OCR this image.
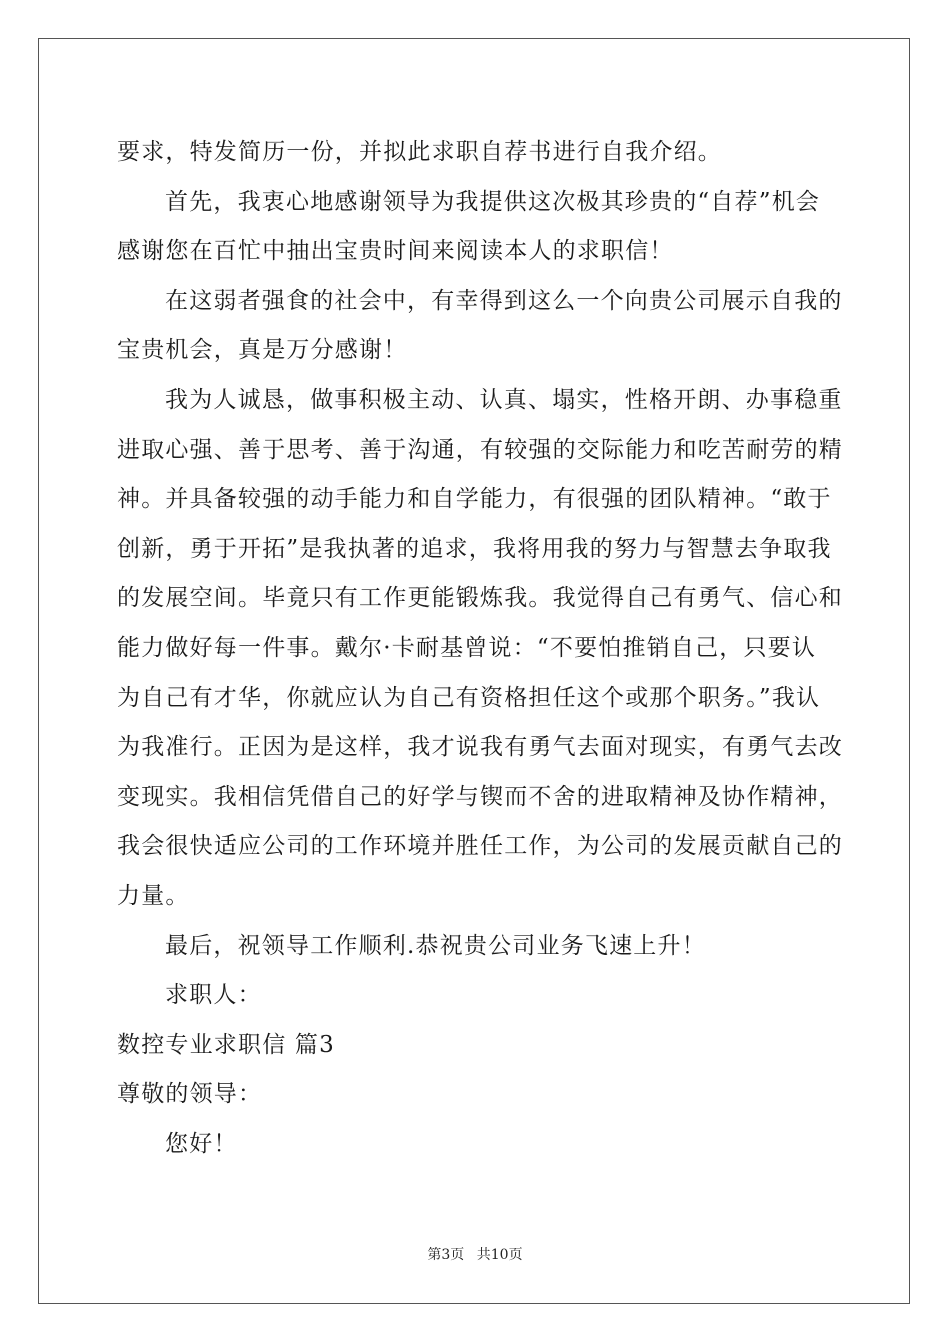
要求，特发简历一份，并拟此求职自荐书进行自我介绍。
首先，我衷心地感谢领导为我提供这次极其珍贵的“自荐”机会
感谢您在百忙中抽出宝贵时间来阅读本人的求职信！
在这弱者强食的社会中，有幸得到这么一个向贵公司展示自我的
宝贵机会，真是万分感谢！
我为人诚恳，做事积极主动、认真、塌实，性格开朗、办事稳重
进取心强、善于思考、善于沟通，有较强的交际能力和吃苦耐劳的精
神。并具备较强的动手能力和自学能力，有很强的团队精神。“敢于
创新，勇于开拓”是我执著的追求，我将用我的努力与智慧去争取我
的发展空间。毕竟只有工作更能锻炼我。我觉得自己有勇气、信心和
能力做好每一件事。戴尔·卡耐基曾说：“不要怕推销自己，只要认
为自己有才华，你就应认为自己有资格担任这个或那个职务。”我认
为我准行。正因为是这样，我才说我有勇气去面对现实，有勇气去改
变现实。我相信凭借自己的好学与锲而不舍的进取精神及协作精神，
我会很快适应公司的工作环境并胜任工作，为公司的发展贡献自己的
力量。
最后，祝领导工作顺利.恭祝贵公司业务飞速上升！
求职人：
数控专业求职信 篇3
尊敬的领导：
您好！
第3页 共10页
